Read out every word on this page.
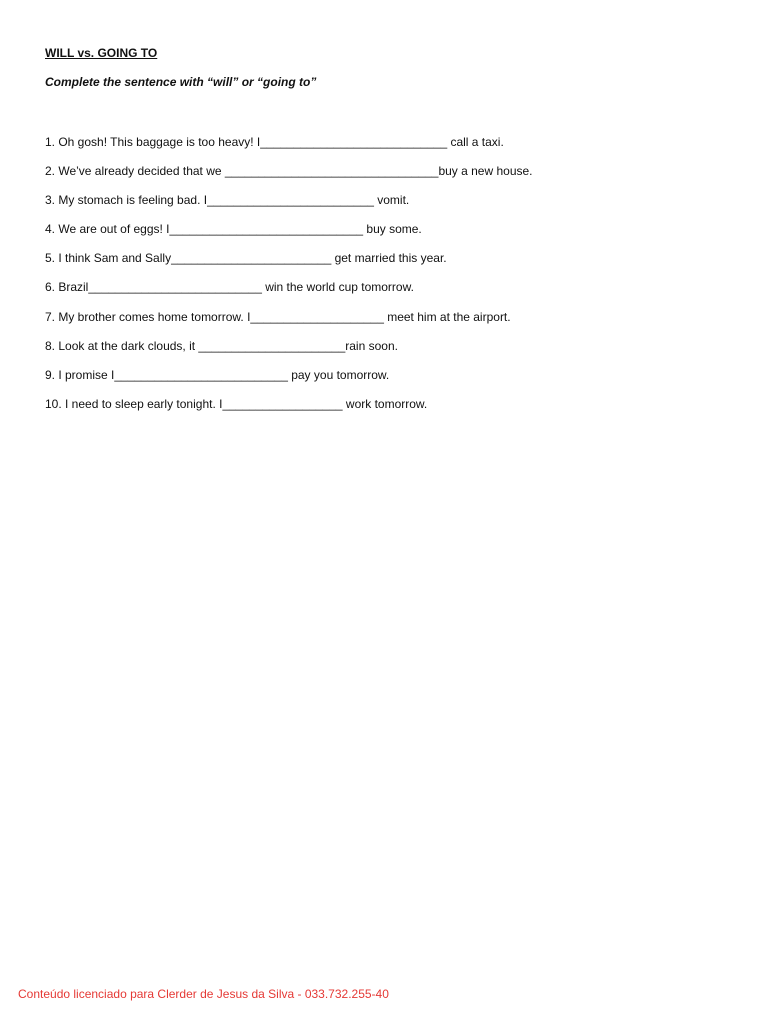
WILL vs. GOING TO
Complete the sentence with “will” or “going to”
1. Oh gosh! This baggage is too heavy! I____________________________ call a taxi.
2. We’ve already decided that we ________________________________buy a new house.
3. My stomach is feeling bad. I_________________________ vomit.
4. We are out of eggs! I_____________________________ buy some.
5. I think Sam and Sally________________________ get married this year.
6. Brazil__________________________ win the world cup tomorrow.
7. My brother comes home tomorrow. I____________________ meet him at the airport.
8. Look at the dark clouds, it ______________________rain soon.
9. I promise I__________________________ pay you tomorrow.
10. I need to sleep early tonight. I__________________ work tomorrow.
Conteúdo licenciado para Clerder de Jesus da Silva - 033.732.255-40
